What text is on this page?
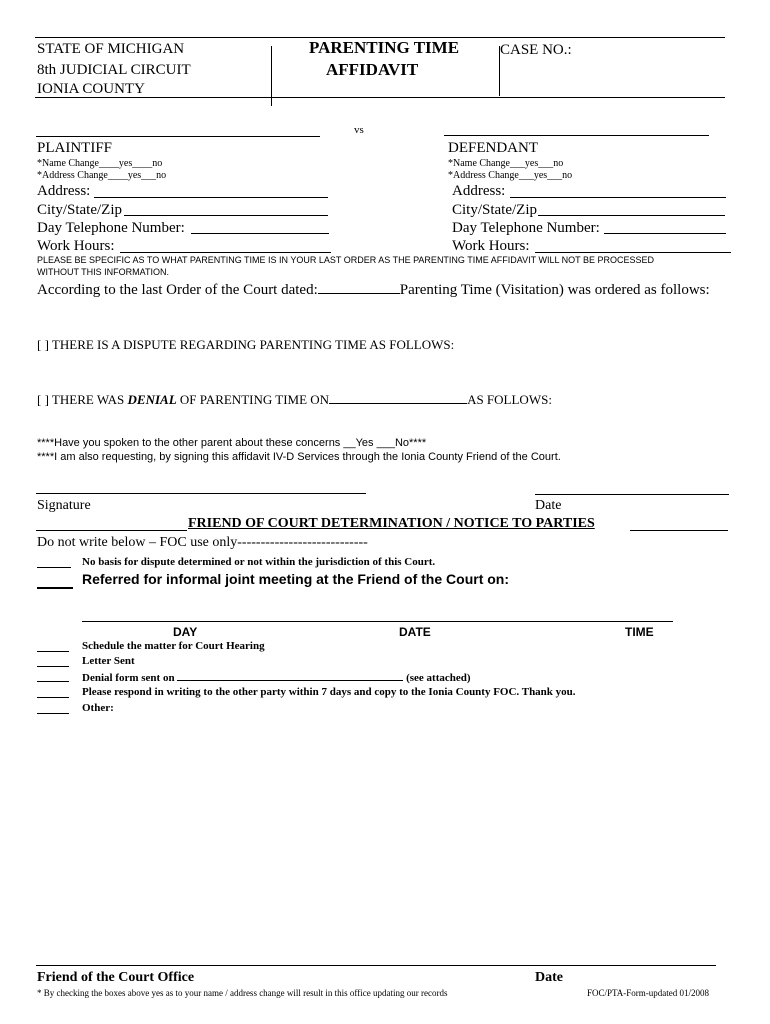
STATE OF MICHIGAN
8th JUDICIAL CIRCUIT
IONIA COUNTY
PARENTING TIME
AFFIDAVIT
CASE NO.:
vs
PLAINTIFF
*Name Change____yes____no
*Address Change____yes___no
Address:
City/State/Zip
Day Telephone Number:
Work Hours:
DEFENDANT
*Name Change___yes___no
*Address Change___yes___no
Address:
City/State/Zip
Day Telephone Number:
Work Hours:
PLEASE BE SPECIFIC AS TO WHAT PARENTING TIME IS IN YOUR LAST ORDER AS THE PARENTING TIME AFFIDAVIT WILL NOT BE PROCESSED
WITHOUT THIS INFORMATION.
According to the last Order of the Court dated:	Parenting Time (Visitation) was ordered as follows:
[ ] THERE IS A DISPUTE REGARDING PARENTING TIME AS FOLLOWS:
[ ] THERE WAS DENIAL OF PARENTING TIME ON	AS FOLLOWS:
****Have you spoken to the other parent about these concerns __Yes ___No****
****I am also requesting, by signing this affidavit IV-D Services through the Ionia County Friend of the Court.
Signature	Date
FRIEND OF COURT DETERMINATION / NOTICE TO PARTIES
Do not write below – FOC use only----------------------------
No basis for dispute determined or not within the jurisdiction of this Court.
Referred for informal joint meeting at the Friend of the Court on:
DAY	DATE	TIME
Schedule the matter for Court Hearing
Letter Sent
Denial form sent on	(see attached)
Please respond in writing to the other party within 7 days and copy to the Ionia County FOC. Thank you.
Other:
Friend of the Court Office	Date
* By checking the boxes above yes as to your name / address change will result in this office updating our records	FOC/PTA-Form-updated 01/2008
